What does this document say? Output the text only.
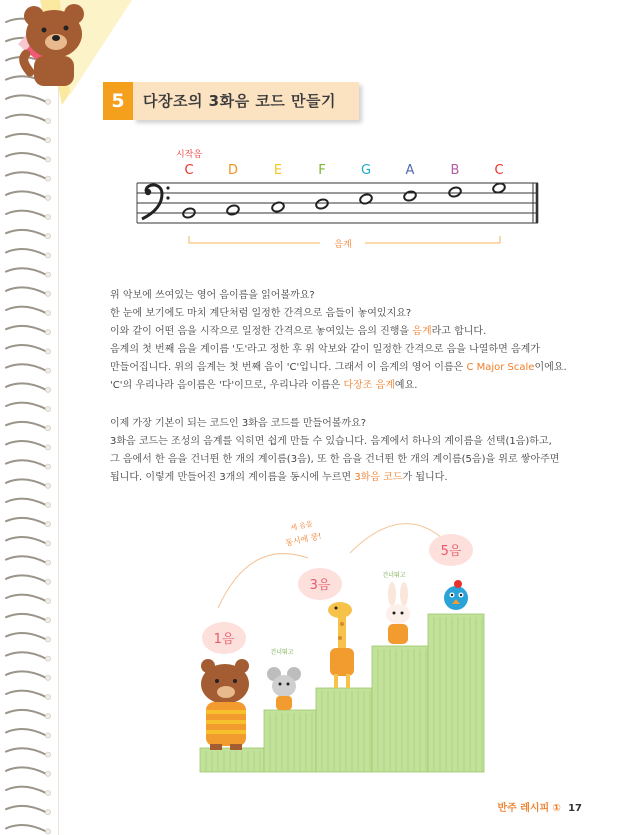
5	다장조의 3화음 코드 만들기
시작음
C	D	E	F	G	A	B	C
음계
위 악보에 쓰여있는 영어 음이름을 읽어볼까요?
한 눈에 보기에도 마치 계단처럼 일정한 간격으로 음들이 놓여있지요?
이와 같이 어떤 음을 시작으로 일정한 간격으로 놓여있는 음의 진행을 음계라고 합니다.
음계의 첫 번째 음을 계이름 '도'라고 정한 후 위 악보와 같이 일정한 간격으로 음을 나열하면 음계가
만들어집니다. 위의 음계는 첫 번째 음이 'C'입니다. 그래서 이 음계의 영어 이름은 C Major Scale이에요.
'C'의 우리나라 음이름은 '다'이므로, 우리나라 이름은 다장조 음계예요.
이제 가장 기본이 되는 코드인 3화음 코드를 만들어볼까요?
3화음 코드는 조성의 음계를 익히면 쉽게 만들 수 있습니다. 음계에서 하나의 계이름을 선택(1음)하고,
그 음에서 한 음을 건너뛴 한 개의 계이름(3음), 또 한 음을 건너뛴 한 개의 계이름(5음)을 위로 쌓아주면
됩니다. 이렇게 만들어진 3개의 계이름을 동시에 누르면 3화음 코드가 됩니다.
1음
3음
5음
건너뛰고
건너뛰고
세 음을
동시에 쿵!
반주 레시피 ① 17
